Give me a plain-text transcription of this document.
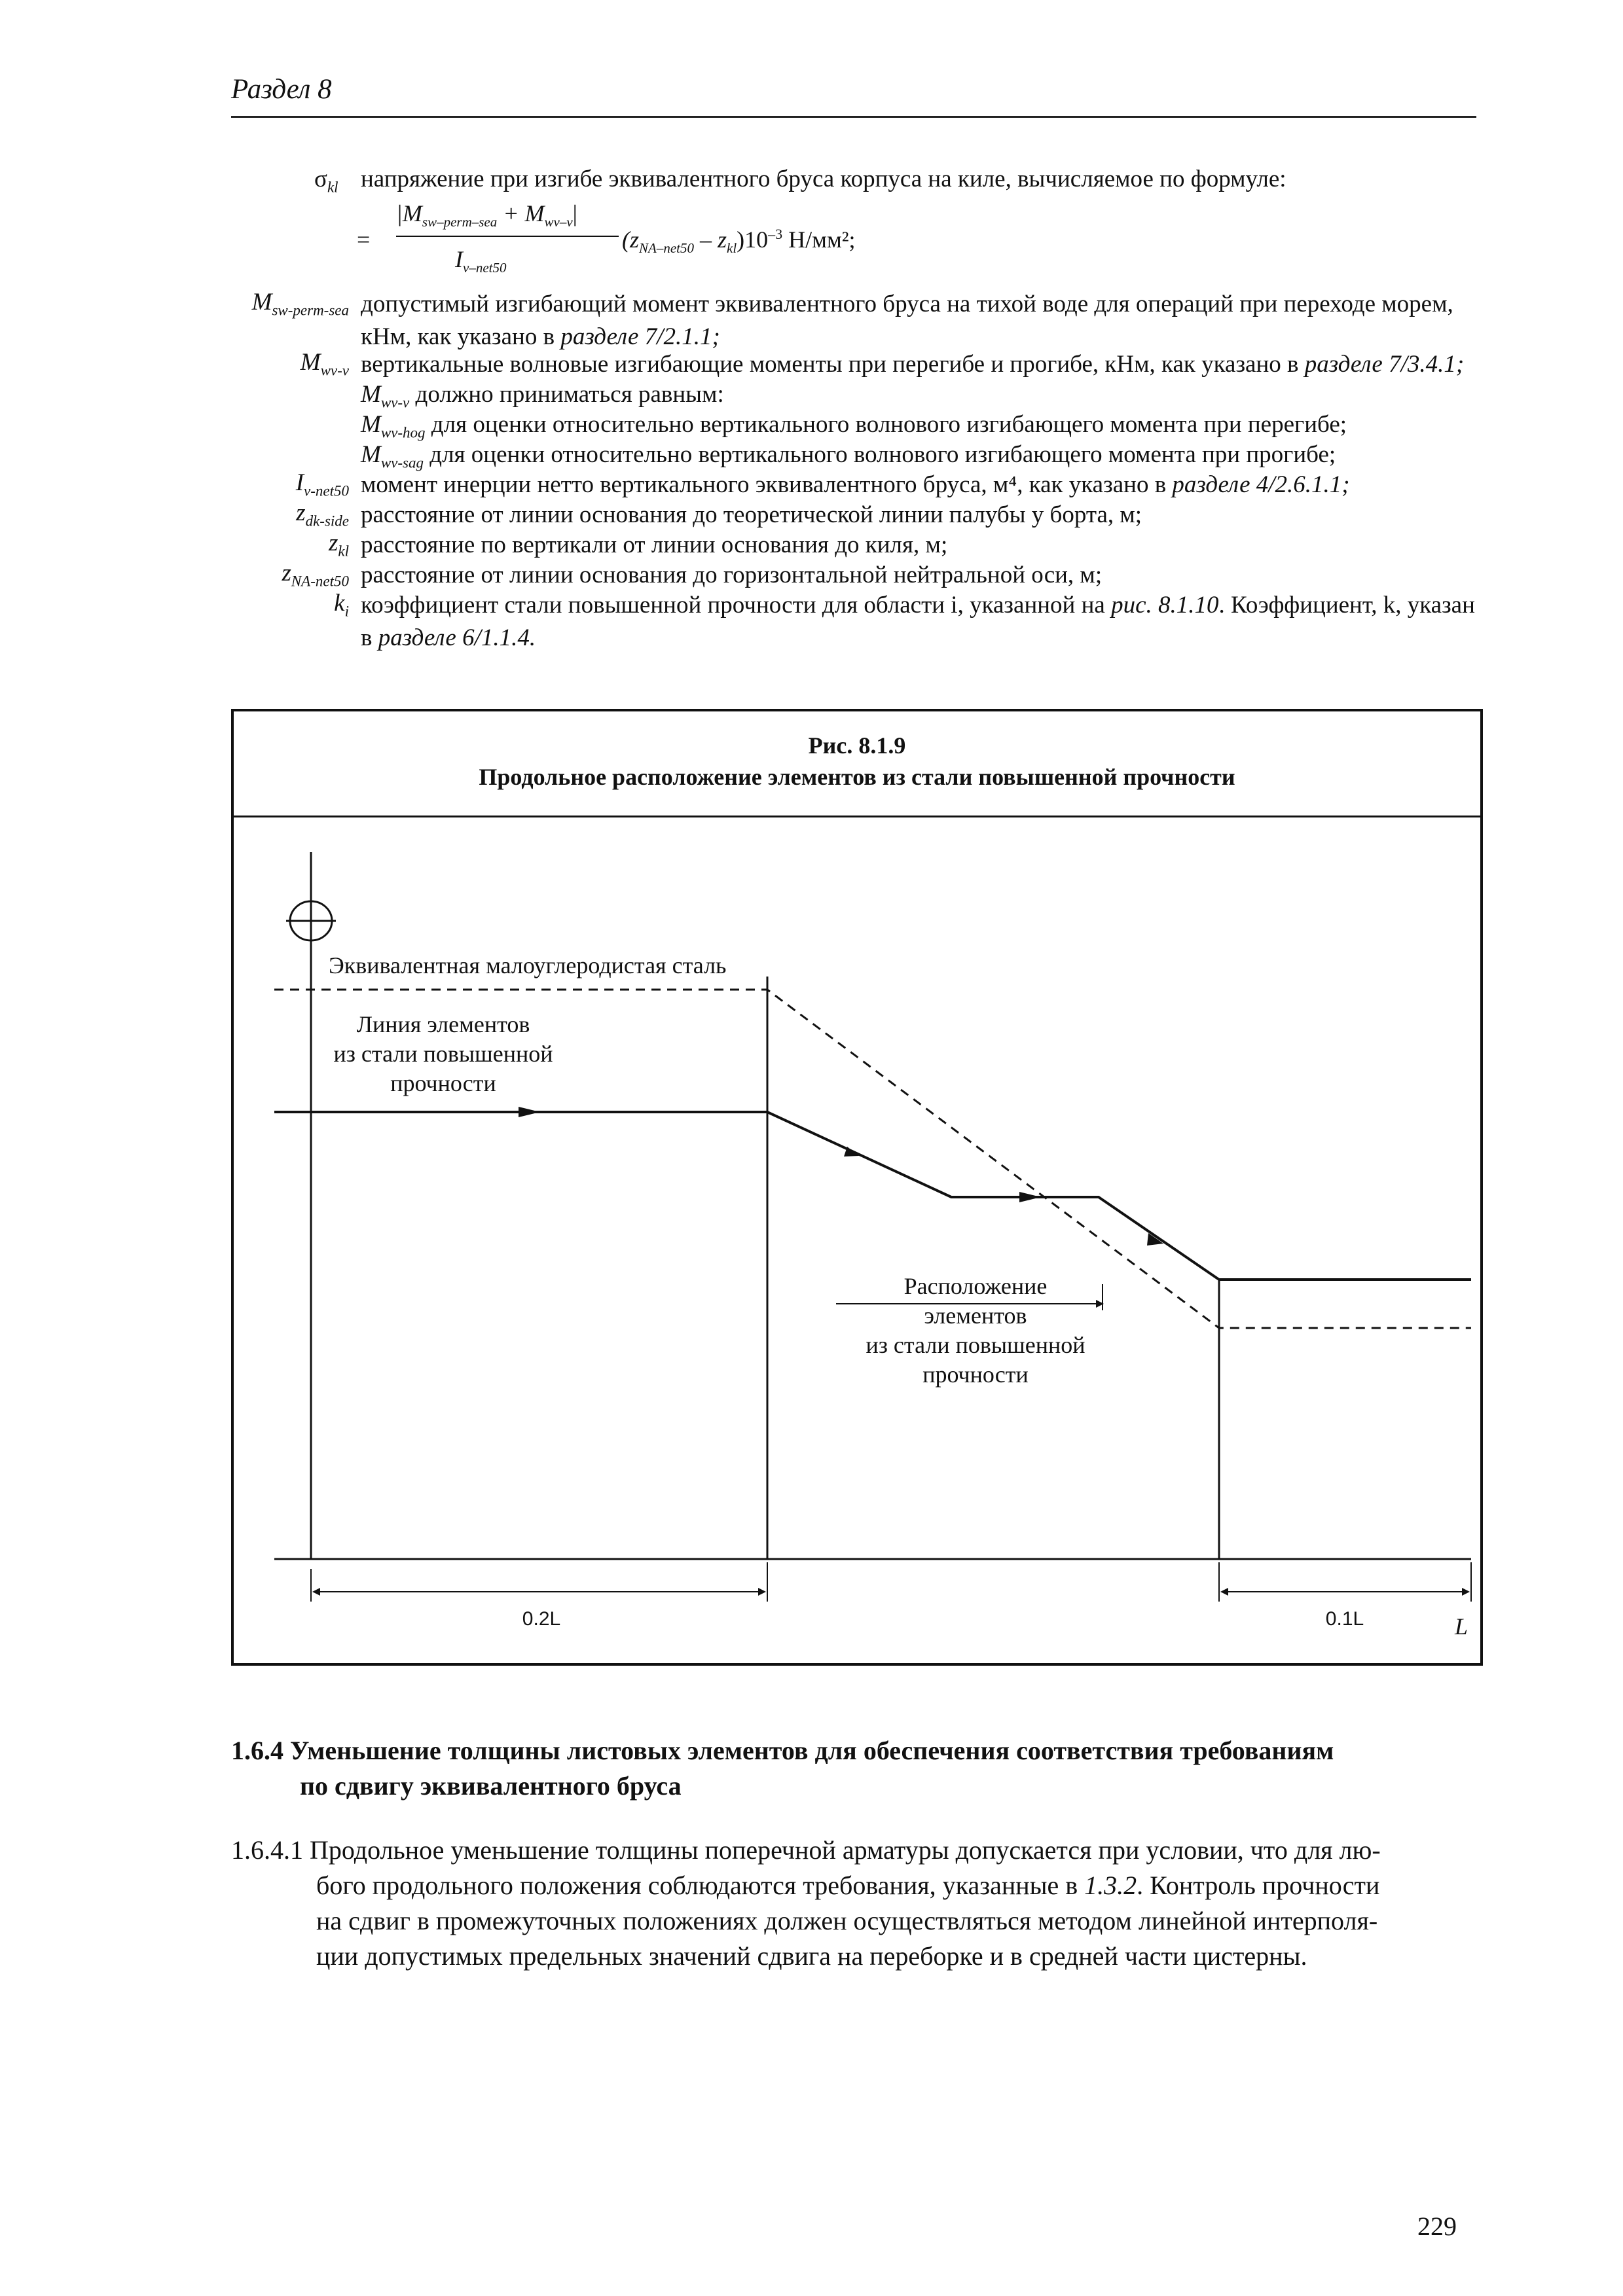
Раздел 8
$\sigma_{kl}$ напряжение при изгибе эквивалентного бруса корпуса на киле, вычисляемое по формуле:
=
$|M_{sw-perm-sea} + M_{wv-v}|$
$I_{v-net50}$
$(z_{NA-net50} - z_{kl})10^{-3}$ Н/мм²;
$M_{sw-perm-sea}$ допустимый изгибающий момент эквивалентного бруса на тихой воде для операций при переходе морем, кНм, как указано в разделе 7/2.1.1;
$M_{wv-v}$ вертикальные волновые изгибающие моменты при перегибе и прогибе, кНм, как указано в разделе 7/3.4.1;
$M_{wv-v}$ должно приниматься равным:
$M_{wv-hog}$ для оценки относительно вертикального волнового изгибающего момента при перегибе;
$M_{wv-sag}$ для оценки относительно вертикального волнового изгибающего момента при прогибе;
$I_{v-net50}$ момент инерции нетто вертикального эквивалентного бруса, м⁴, как указано в разделе 4/2.6.1.1;
$z_{dk-side}$ расстояние от линии основания до теоретической линии палубы у борта, м;
$z_{kl}$ расстояние по вертикали от линии основания до киля, м;
$z_{NA-net50}$ расстояние от линии основания до горизонтальной нейтральной оси, м;
$k_i$ коэффициент стали повышенной прочности для области i, указанной на рис. 8.1.10. Коэффициент, k, указан в разделе 6/1.1.4.
Рис. 8.1.9
Продольное расположение элементов из стали повышенной прочности
Эквивалентная малоуглеродистая сталь
Линия элементов
из стали повышенной
прочности
Расположение
элементов
из стали повышенной
прочности
0.2L	0.1L	L
1.6.4 Уменьшение толщины листовых элементов для обеспечения соответствия требованиям
по сдвигу эквивалентного бруса
1.6.4.1 Продольное уменьшение толщины поперечной арматуры допускается при условии, что для лю-
бого продольного положения соблюдаются требования, указанные в 1.3.2. Контроль прочности
на сдвиг в промежуточных положениях должен осуществляться методом линейной интерполя-
ции допустимых предельных значений сдвига на переборке и в средней части цистерны.
229
